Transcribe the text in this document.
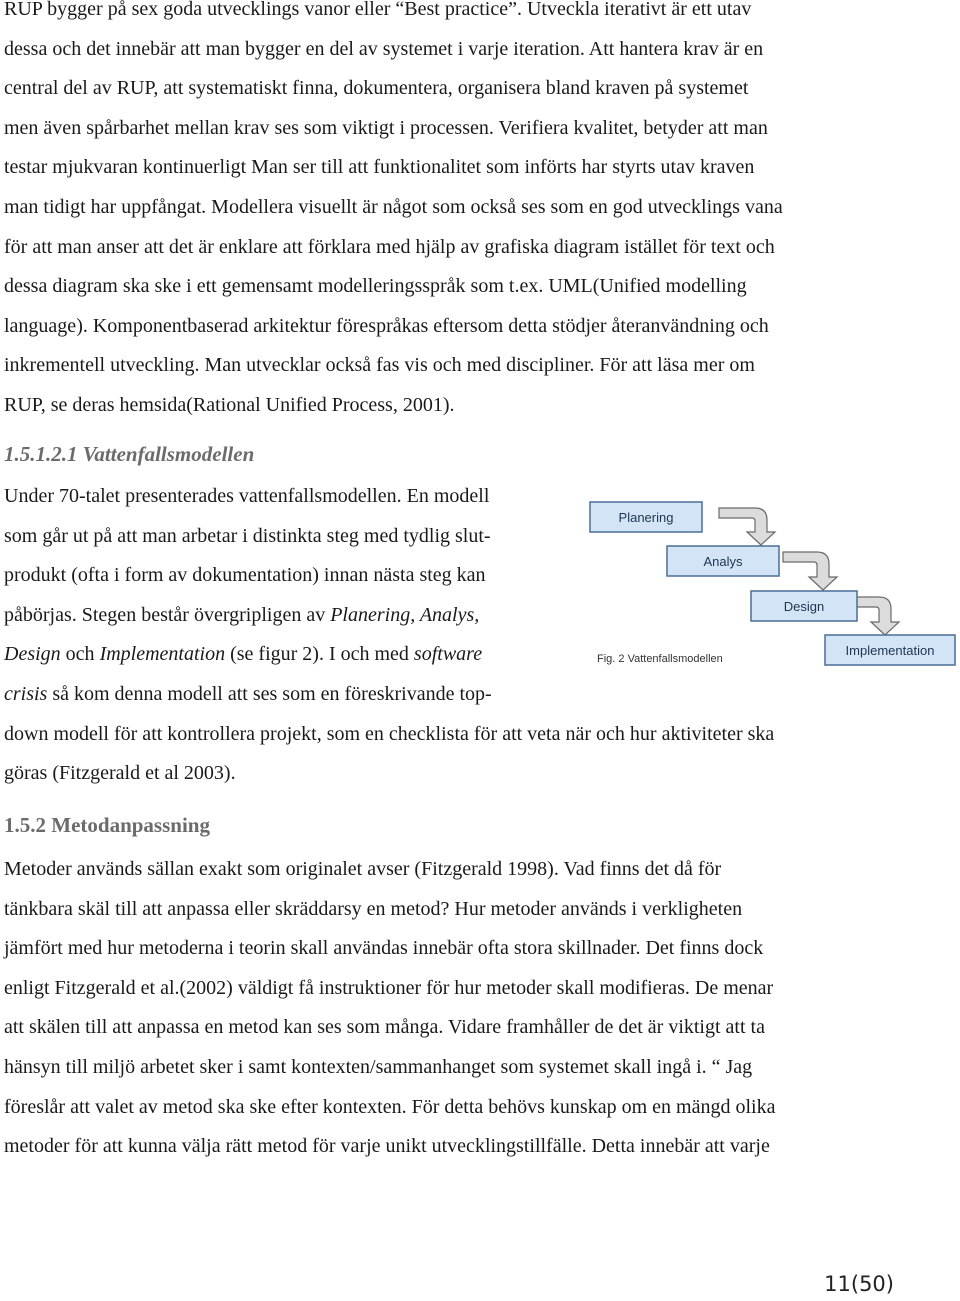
RUP bygger på sex goda utvecklings vanor eller “Best practice”. Utveckla iterativt är ett utav
dessa och det innebär att man bygger en del av systemet i varje iteration. Att hantera krav är en
central del av RUP, att systematiskt finna, dokumentera, organisera bland kraven på systemet
men även spårbarhet mellan krav ses som viktigt i processen. Verifiera kvalitet, betyder att man
testar mjukvaran kontinuerligt Man ser till att funktionalitet som införts har styrts utav kraven
man tidigt har uppfångat. Modellera visuellt är något som också ses som en god utvecklings vana
för att man anser att det är enklare att förklara med hjälp av grafiska diagram istället för text och
dessa diagram ska ske i ett gemensamt modelleringsspråk som t.ex. UML(Unified modelling
language). Komponentbaserad arkitektur förespråkas eftersom detta stödjer återanvändning och
inkrementell utveckling. Man utvecklar också fas vis och med discipliner. För att läsa mer om
RUP, se deras hemsida(Rational Unified Process, 2001).
1.5.1.2.1 Vattenfallsmodellen
Under 70-talet presenterades vattenfallsmodellen. En modell
som går ut på att man arbetar i distinkta steg med tydlig slut-
produkt (ofta i form av dokumentation) innan nästa steg kan
påbörjas. Stegen består övergripligen av Planering, Analys,
Design och Implementation (se figur 2). I och med software
crisis så kom denna modell att ses som en föreskrivande top-
down modell för att kontrollera projekt, som en checklista för att veta när och hur aktiviteter ska
göras (Fitzgerald et al 2003).
Planering
Analys
Design
Implementation
Fig. 2 Vattenfallsmodellen
1.5.2 Metodanpassning
Metoder används sällan exakt som originalet avser (Fitzgerald 1998). Vad finns det då för
tänkbara skäl till att anpassa eller skräddarsy en metod? Hur metoder används i verkligheten
jämfört med hur metoderna i teorin skall användas innebär ofta stora skillnader. Det finns dock
enligt Fitzgerald et al.(2002) väldigt få instruktioner för hur metoder skall modifieras. De menar
att skälen till att anpassa en metod kan ses som många. Vidare framhåller de det är viktigt att ta
hänsyn till miljö arbetet sker i samt kontexten/sammanhanget som systemet skall ingå i. “ Jag
föreslår att valet av metod ska ske efter kontexten. För detta behövs kunskap om en mängd olika
metoder för att kunna välja rätt metod för varje unikt utvecklingstillfälle. Detta innebär att varje
11(50)
